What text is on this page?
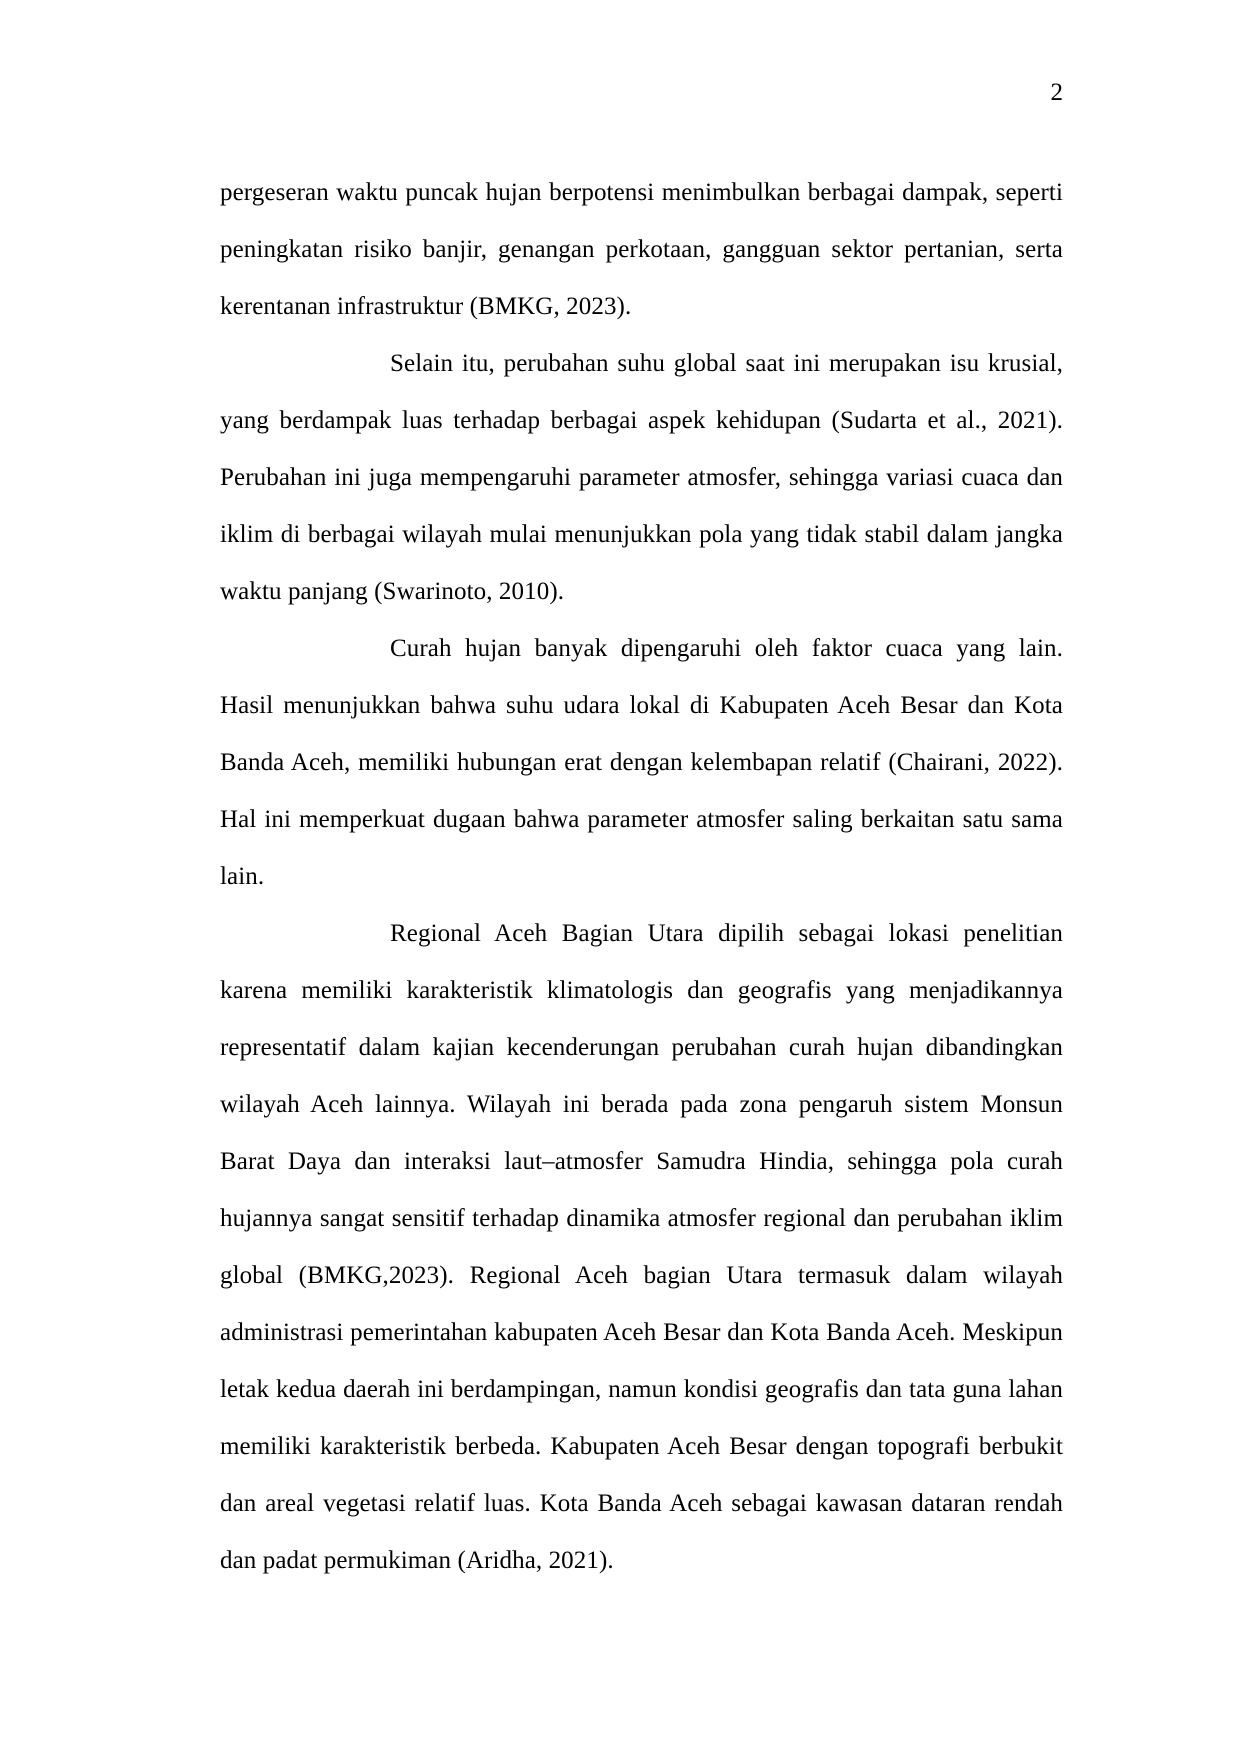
2

pergeseran waktu puncak hujan berpotensi menimbulkan berbagai dampak, seperti peningkatan risiko banjir, genangan perkotaan, gangguan sektor pertanian, serta kerentanan infrastruktur (BMKG, 2023).

Selain itu, perubahan suhu global saat ini merupakan isu krusial, yang berdampak luas terhadap berbagai aspek kehidupan (Sudarta et al., 2021). Perubahan ini juga mempengaruhi parameter atmosfer, sehingga variasi cuaca dan iklim di berbagai wilayah mulai menunjukkan pola yang tidak stabil dalam jangka waktu panjang (Swarinoto, 2010).

Curah hujan banyak dipengaruhi oleh faktor cuaca yang lain. Hasil menunjukkan bahwa suhu udara lokal di Kabupaten Aceh Besar dan Kota Banda Aceh, memiliki hubungan erat dengan kelembapan relatif (Chairani, 2022). Hal ini memperkuat dugaan bahwa parameter atmosfer saling berkaitan satu sama lain.

Regional Aceh Bagian Utara dipilih sebagai lokasi penelitian karena memiliki karakteristik klimatologis dan geografis yang menjadikannya representatif dalam kajian kecenderungan perubahan curah hujan dibandingkan wilayah Aceh lainnya. Wilayah ini berada pada zona pengaruh sistem Monsun Barat Daya dan interaksi laut–atmosfer Samudra Hindia, sehingga pola curah hujannya sangat sensitif terhadap dinamika atmosfer regional dan perubahan iklim global (BMKG,2023). Regional Aceh bagian Utara termasuk dalam wilayah administrasi pemerintahan kabupaten Aceh Besar dan Kota Banda Aceh. Meskipun letak kedua daerah ini berdampingan, namun kondisi geografis dan tata guna lahan memiliki karakteristik berbeda. Kabupaten Aceh Besar dengan topografi berbukit dan areal vegetasi relatif luas. Kota Banda Aceh sebagai kawasan dataran rendah dan padat permukiman (Aridha, 2021).
